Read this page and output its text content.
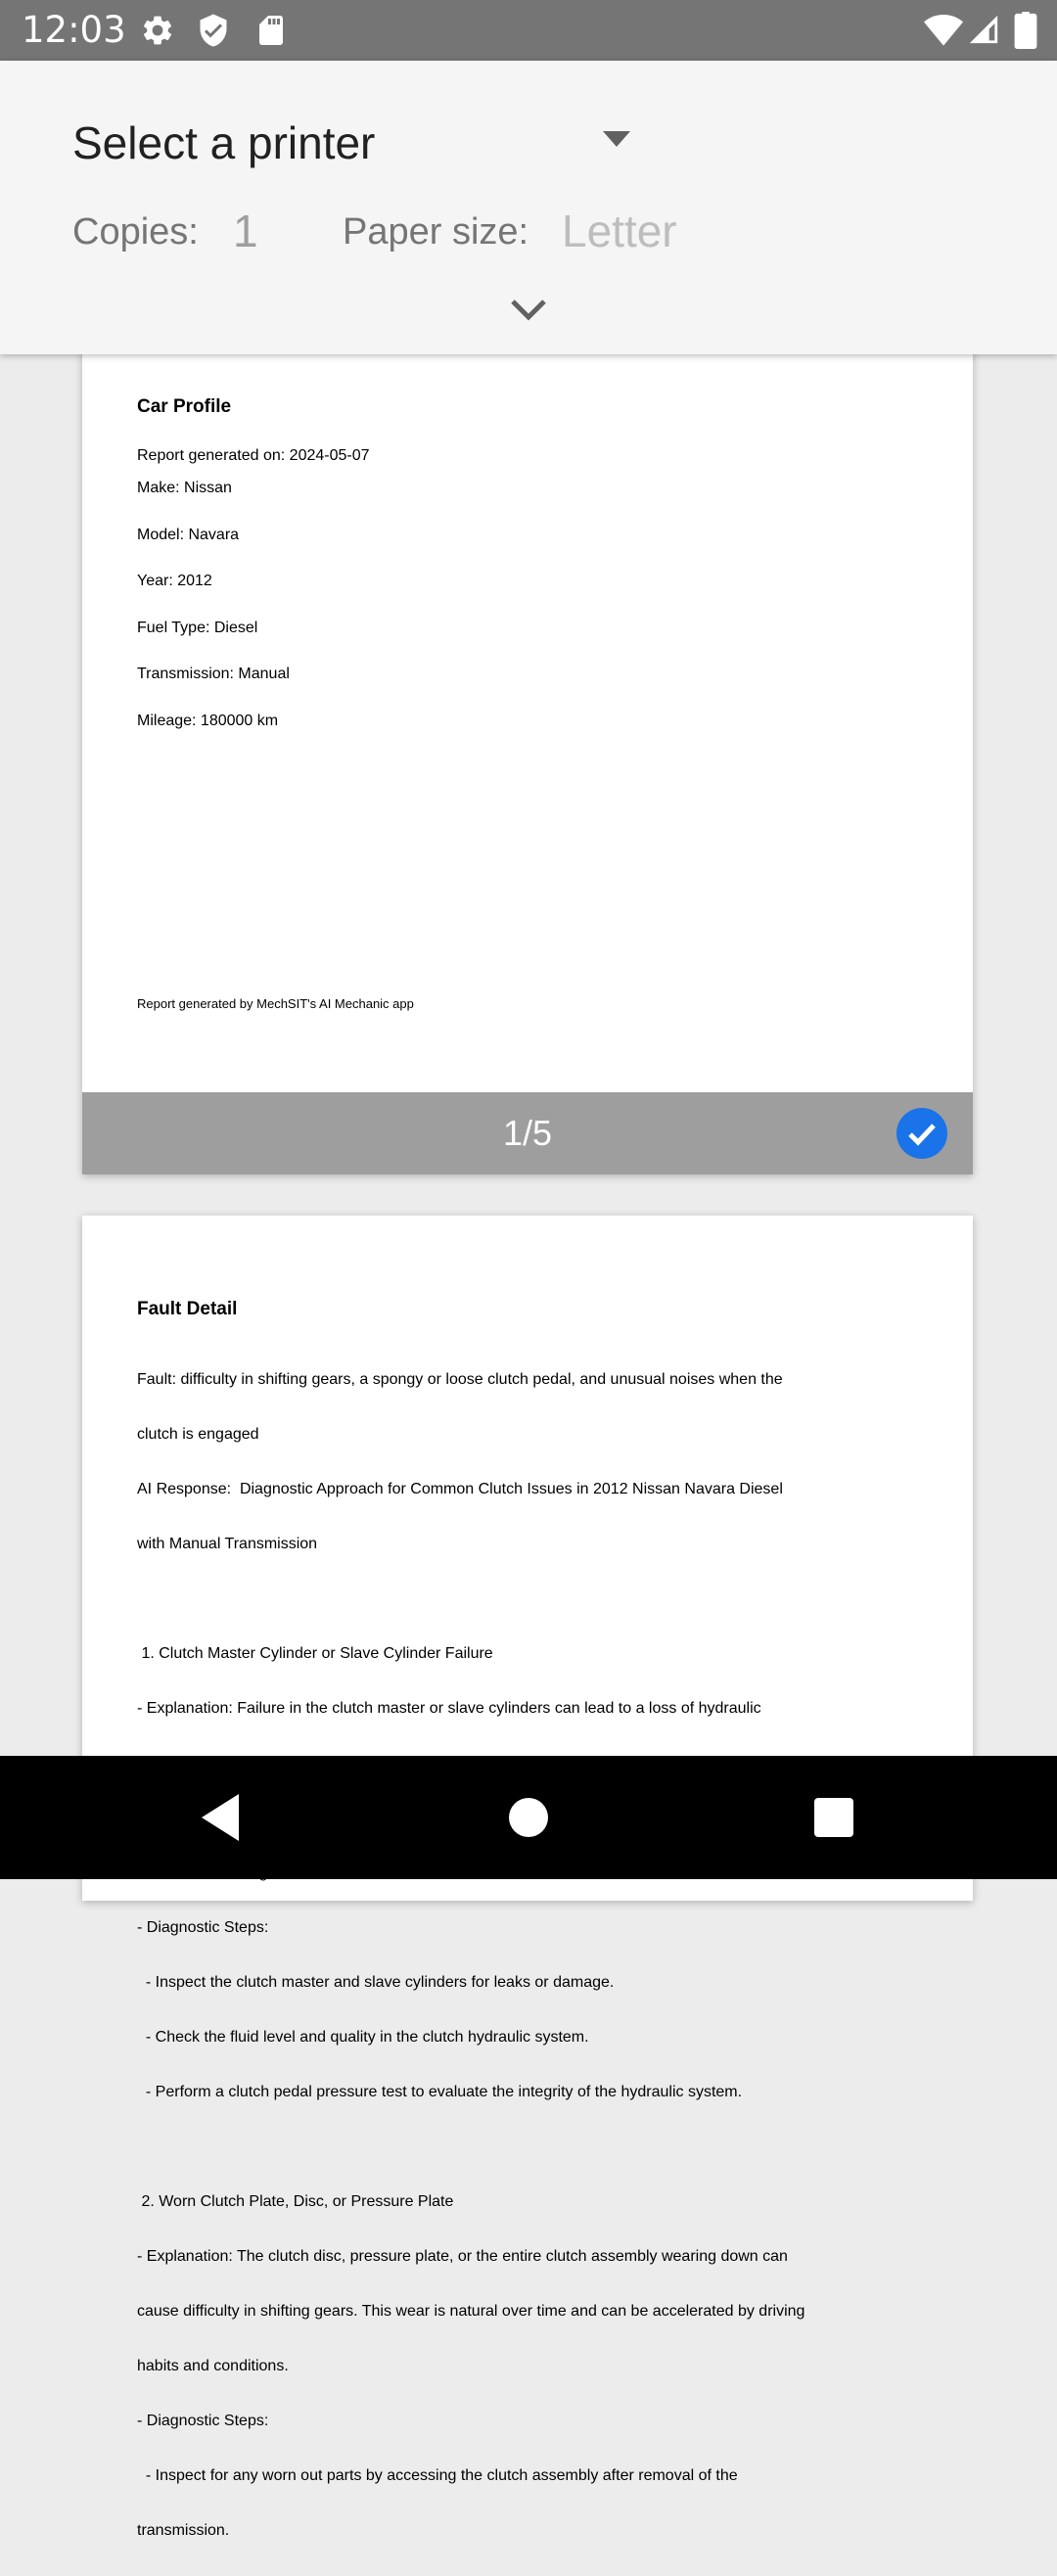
12:03
Select a printer
Copies: 1	Paper size: Letter
Car Profile
Report generated on: 2024-05-07
Make: Nissan
Model: Navara
Year: 2012
Fuel Type: Diesel
Transmission: Manual
Mileage: 180000 km
Report generated by MechSIT's AI Mechanic app
1/5
Fault Detail

Fault: difficulty in shifting gears, a spongy or loose clutch pedal, and unusual noises when the

clutch is engaged

AI Response:  Diagnostic Approach for Common Clutch Issues in 2012 Nissan Navara Diesel

with Manual Transmission

1. Clutch Master Cylinder or Slave Cylinder Failure

- Explanation: Failure in the clutch master or slave cylinders can lead to a loss of hydraulic

- Diagnostic Steps:

- Inspect the clutch master and slave cylinders for leaks or damage.

- Check the fluid level and quality in the clutch hydraulic system.

- Perform a clutch pedal pressure test to evaluate the integrity of the hydraulic system.

2. Worn Clutch Plate, Disc, or Pressure Plate

- Explanation: The clutch disc, pressure plate, or the entire clutch assembly wearing down can

cause difficulty in shifting gears. This wear is natural over time and can be accelerated by driving

habits and conditions.

- Diagnostic Steps:

- Inspect for any worn out parts by accessing the clutch assembly after removal of the

transmission.
